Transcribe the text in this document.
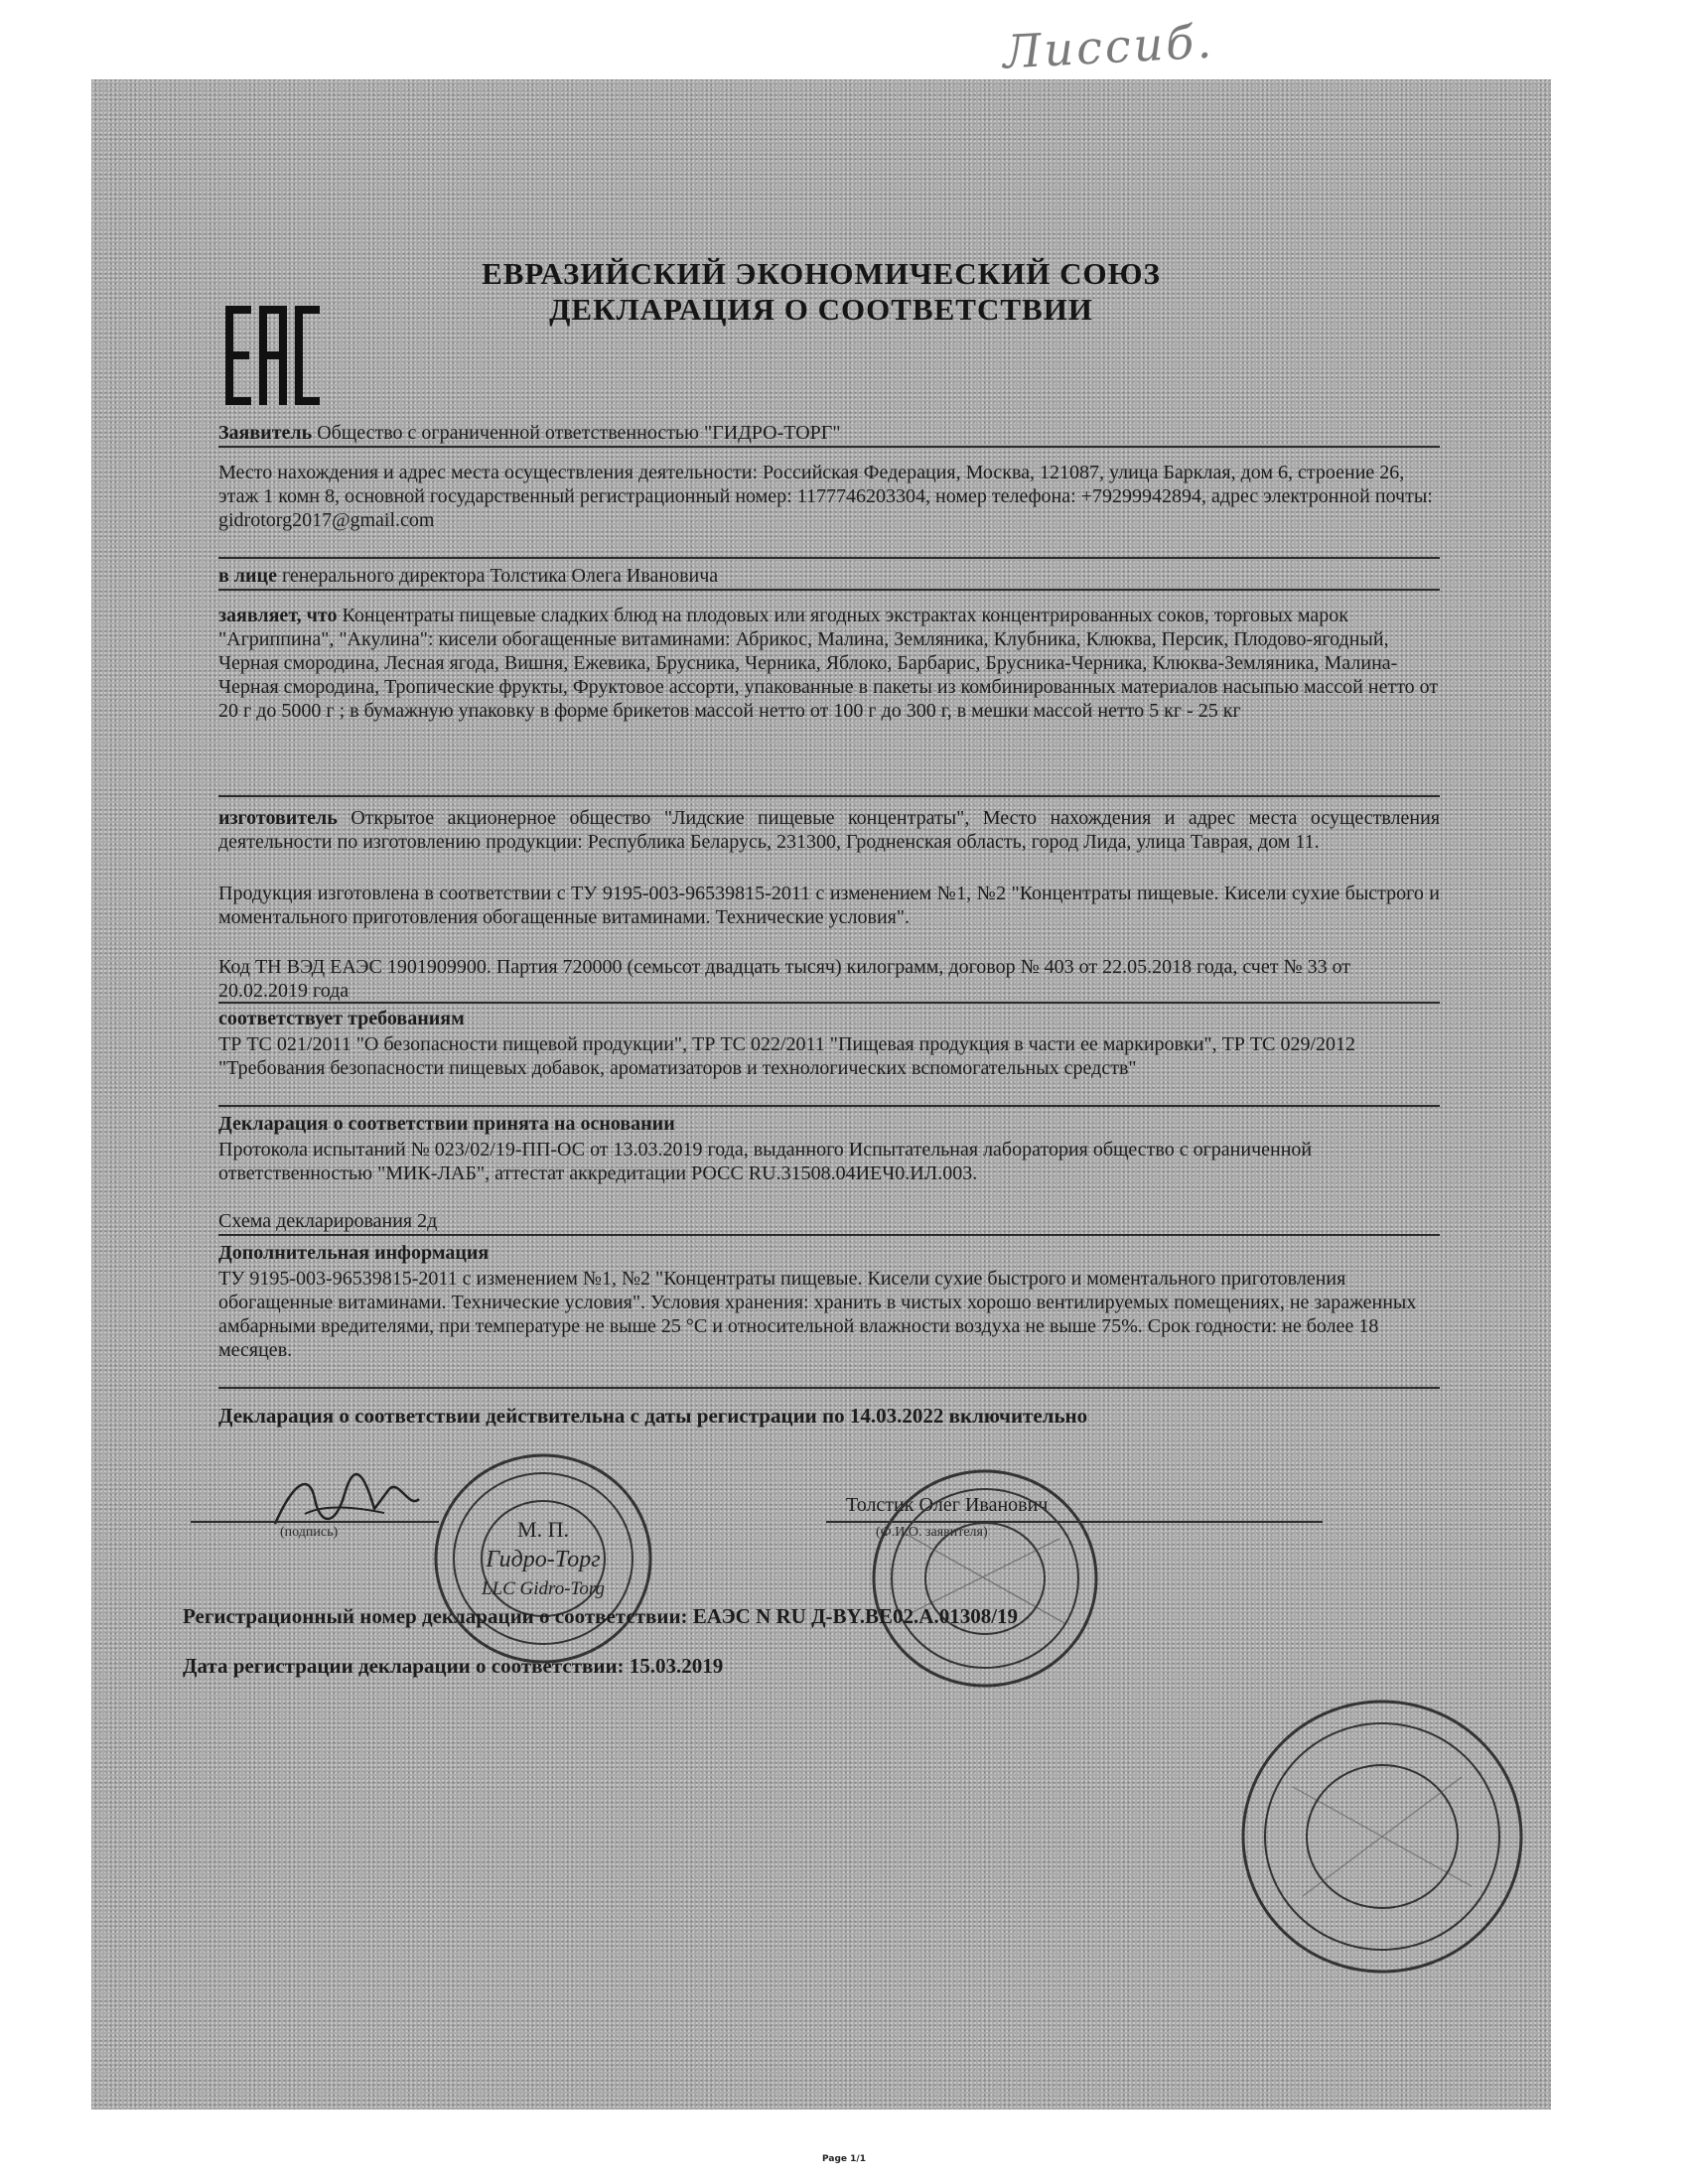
Лиссиб.
ЕВРАЗИЙСКИЙ ЭКОНОМИЧЕСКИЙ СОЮЗ
ДЕКЛАРАЦИЯ О СООТВЕТСТВИИ
Заявитель Общество с ограниченной ответственностью "ГИДРО-ТОРГ"
Место нахождения и адрес места осуществления деятельности: Российская Федерация, Москва, 121087, улица Барклая, дом 6, строение 26, этаж 1 комн 8, основной государственный регистрационный номер: 1177746203304, номер телефона: +79299942894, адрес электронной почты: gidrotorg2017@gmail.com
в лице генерального директора Толстика Олега Ивановича
заявляет, что Концентраты пищевые сладких блюд на плодовых или ягодных экстрактах концентрированных соков, торговых марок "Агриппина", "Акулина": кисели обогащенные витаминами: Абрикос, Малина, Земляника, Клубника, Клюква, Персик, Плодово-ягодный, Черная смородина, Лесная ягода, Вишня, Ежевика, Брусника, Черника, Яблоко, Барбарис, Брусника-Черника, Клюква-Земляника, Малина- Черная смородина, Тропические фрукты, Фруктовое ассорти, упакованные в пакеты из комбинированных материалов насыпью массой нетто от 20 г до 5000 г ; в бумажную упаковку в форме брикетов массой нетто от 100 г до 300 г, в мешки массой нетто 5 кг - 25 кг
изготовитель Открытое акционерное общество "Лидские пищевые концентраты", Место нахождения и адрес места осуществления деятельности по изготовлению продукции: Республика Беларусь, 231300, Гродненская область, город Лида, улица Таврая, дом 11.
Продукция изготовлена в соответствии с ТУ 9195-003-96539815-2011 с изменением №1, №2 "Концентраты пищевые. Кисели сухие быстрого и моментального приготовления обогащенные витаминами. Технические условия".
Код ТН ВЭД ЕАЭС 1901909900. Партия 720000 (семьсот двадцать тысяч) килограмм, договор № 403 от 22.05.2018 года, счет № 33 от 20.02.2019 года
соответствует требованиям
ТР ТС 021/2011 "О безопасности пищевой продукции", ТР ТС 022/2011 "Пищевая продукция в части ее маркировки", ТР ТС 029/2012 "Требования безопасности пищевых добавок, ароматизаторов и технологических вспомогательных средств"
Декларация о соответствии принята на основании
Протокола испытаний № 023/02/19-ПП-ОС от 13.03.2019 года, выданного Испытательная лаборатория общество с ограниченной ответственностью "МИК-ЛАБ", аттестат аккредитации РОСС RU.31508.04ИЕЧ0.ИЛ.003.
Схема декларирования 2д
Дополнительная информация
ТУ 9195-003-96539815-2011 с изменением №1, №2 "Концентраты пищевые. Кисели сухие быстрого и моментального приготовления обогащенные витаминами. Технические условия". Условия хранения: хранить в чистых хорошо вентилируемых помещениях, не зараженных амбарными вредителями, при температуре не выше 25 °С и относительной влажности воздуха не выше 75%. Срок годности: не более 18 месяцев.
Декларация о соответствии действительна с даты регистрации по 14.03.2022 включительно
(подпись)	М. П.
Гидро-Торг
LLC Gidro-Torg
Толстик Олег Иванович
(Ф.И.О. заявителя)
Регистрационный номер декларации о соответствии: ЕАЭС N RU Д-BY.BE02.A.01308/19
Дата регистрации декларации о соответствии: 15.03.2019
Page 1/1
